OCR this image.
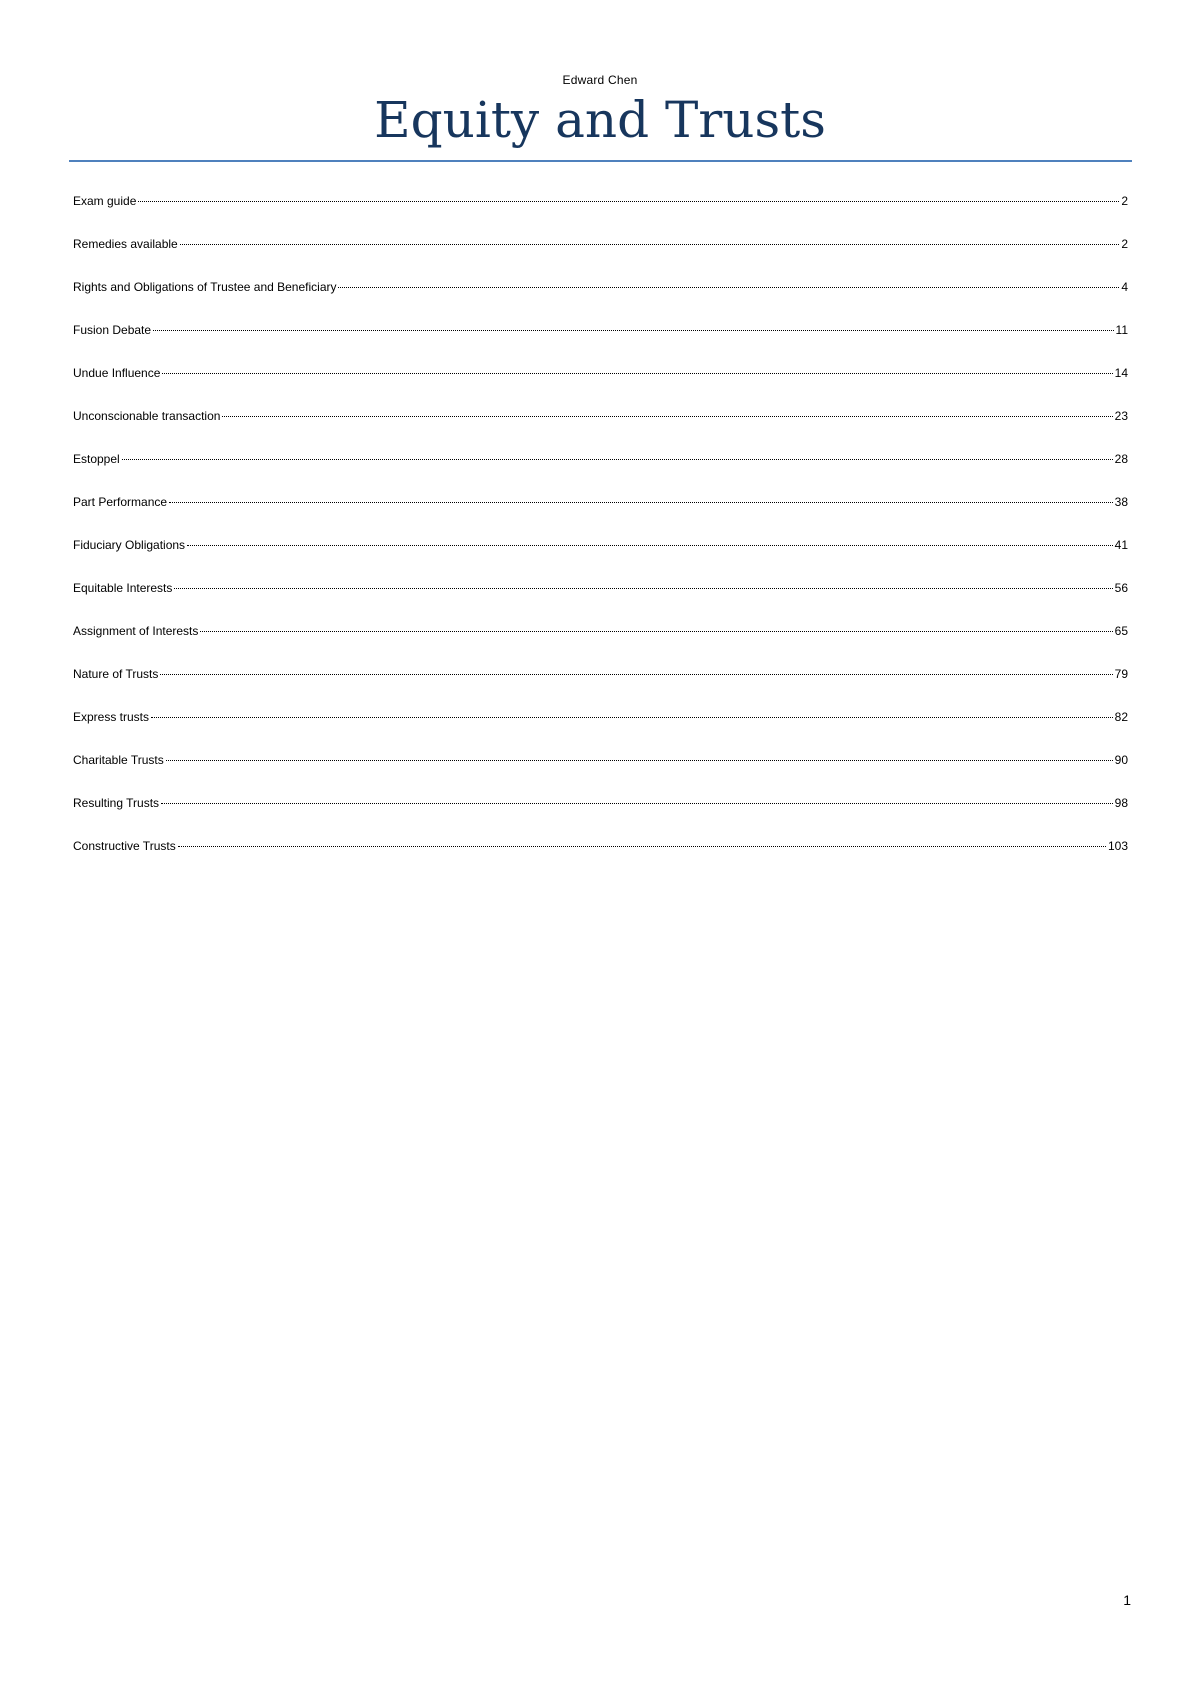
Edward Chen
Equity and Trusts
Exam guide	2
Remedies available	2
Rights and Obligations of Trustee and Beneficiary	4
Fusion Debate	11
Undue Influence	14
Unconscionable transaction	23
Estoppel	28
Part Performance	38
Fiduciary Obligations	41
Equitable Interests	56
Assignment of Interests	65
Nature of Trusts	79
Express trusts	82
Charitable Trusts	90
Resulting Trusts	98
Constructive Trusts	103
1
